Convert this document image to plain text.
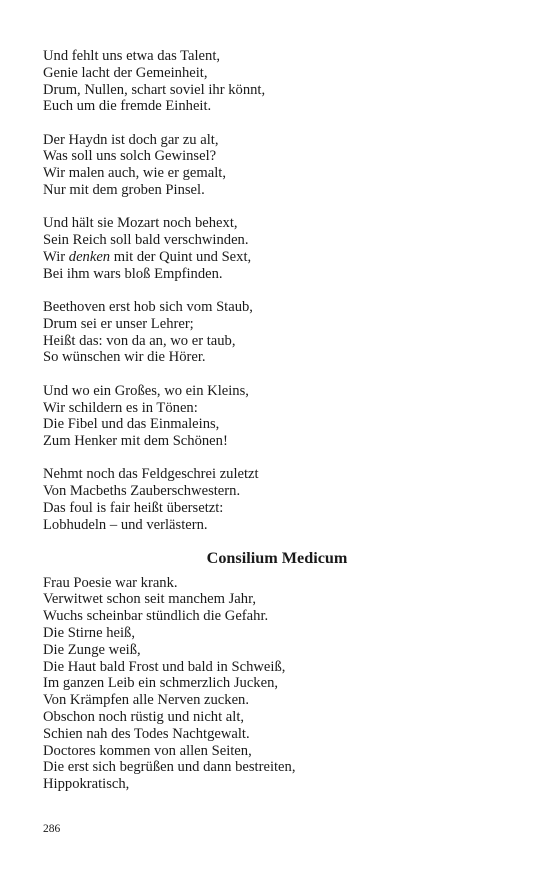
Und fehlt uns etwa das Talent,
Genie lacht der Gemeinheit,
Drum, Nullen, schart soviel ihr könnt,
Euch um die fremde Einheit.
Der Haydn ist doch gar zu alt,
Was soll uns solch Gewinsel?
Wir malen auch, wie er gemalt,
Nur mit dem groben Pinsel.
Und hält sie Mozart noch behext,
Sein Reich soll bald verschwinden.
Wir denken mit der Quint und Sext,
Bei ihm wars bloß Empfinden.
Beethoven erst hob sich vom Staub,
Drum sei er unser Lehrer;
Heißt das: von da an, wo er taub,
So wünschen wir die Hörer.
Und wo ein Großes, wo ein Kleins,
Wir schildern es in Tönen:
Die Fibel und das Einmaleins,
Zum Henker mit dem Schönen!
Nehmt noch das Feldgeschrei zuletzt
Von Macbeths Zauberschwestern.
Das foul is fair heißt übersetzt:
Lobhudeln – und verlästern.
Consilium Medicum
Frau Poesie war krank.
Verwitwet schon seit manchem Jahr,
Wuchs scheinbar stündlich die Gefahr.
Die Stirne heiß,
Die Zunge weiß,
Die Haut bald Frost und bald in Schweiß,
Im ganzen Leib ein schmerzlich Jucken,
Von Krämpfen alle Nerven zucken.
Obschon noch rüstig und nicht alt,
Schien nah des Todes Nachtgewalt.
Doctores kommen von allen Seiten,
Die erst sich begrüßen und dann bestreiten,
Hippokratisch,
286
